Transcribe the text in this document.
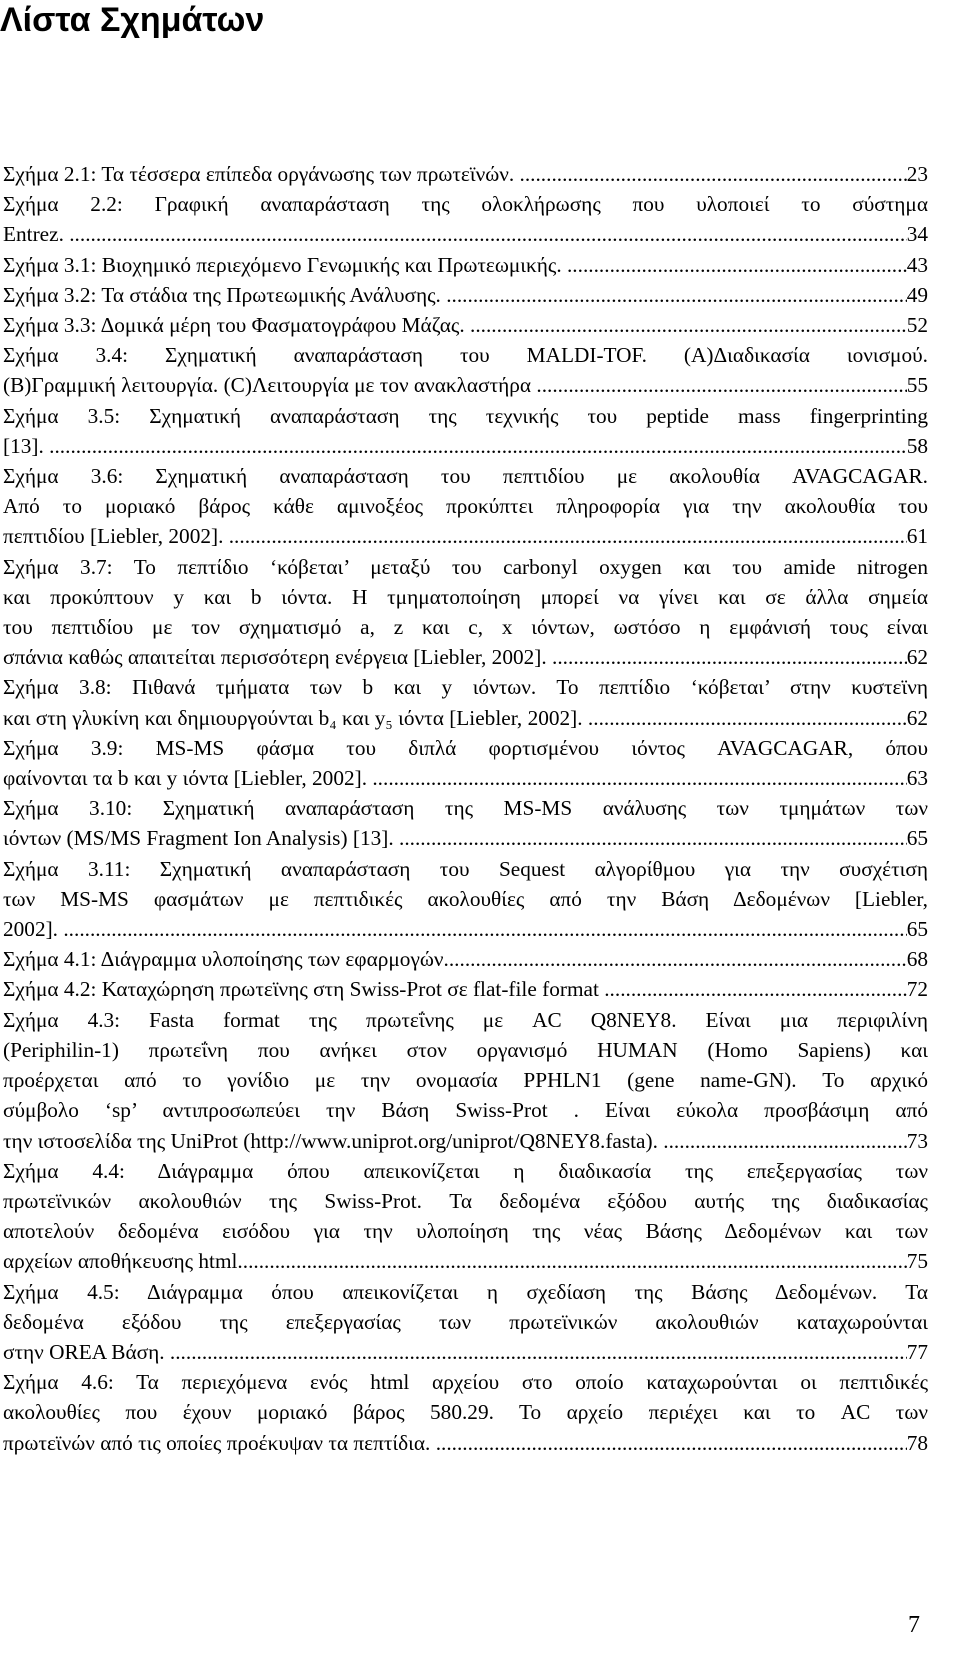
Λίστα Σχημάτων
Σχήμα 2.1: Τα τέσσερα επίπεδα οργάνωσης των πρωτεϊνών. .....	23
Σχήμα 2.2: Γραφική αναπαράσταση της ολοκλήρωσης που υλοποιεί το σύστημα
Entrez. .....	34
Σχήμα 3.1: Βιοχημικό περιεχόμενο Γενωμικής και Πρωτεωμικής. .....	43
Σχήμα 3.2: Τα στάδια της Πρωτεωμικής Ανάλυσης. .....	49
Σχήμα 3.3: Δομικά μέρη του Φασματογράφου Μάζας. .....	52
Σχήμα 3.4: Σχηματική αναπαράσταση του MALDI-TOF. (A)Διαδικασία ιονισμού.
(B)Γραμμική λειτουργία. (C)Λειτουργία με τον ανακλαστήρα .....	55
Σχήμα 3.5: Σχηματική αναπαράσταση της τεχνικής του peptide mass fingerprinting
[13]. .....	58
Σχήμα 3.6: Σχηματική αναπαράσταση του πεπτιδίου με ακολουθία AVAGCAGAR.
Από το μοριακό βάρος κάθε αμινοξέος προκύπτει πληροφορία για την ακολουθία του
πεπτιδίου [Liebler, 2002]. .....	61
Σχήμα 3.7: Το πεπτίδιο ‘κόβεται’ μεταξύ του carbonyl oxygen και του amide nitrogen
και προκύπτουν y και b ιόντα. Η τμηματοποίηση μπορεί να γίνει και σε άλλα σημεία
του πεπτιδίου με τον σχηματισμό a, z και c, x ιόντων, ωστόσο η εμφάνισή τους είναι
σπάνια καθώς απαιτείται περισσότερη ενέργεια [Liebler, 2002]. .....	62
Σχήμα 3.8: Πιθανά τμήματα των b και y ιόντων. Το πεπτίδιο ‘κόβεται’ στην κυστεϊνη
και στη γλυκίνη και δημιουργούνται b₄ και y₅ ιόντα [Liebler, 2002]. .....	62
Σχήμα 3.9: MS-MS φάσμα του διπλά φορτισμένου ιόντος AVAGCAGAR, όπου
φαίνονται τα b και y ιόντα [Liebler, 2002]. .....	63
Σχήμα 3.10: Σχηματική αναπαράσταση της MS-MS ανάλυσης των τμημάτων των
ιόντων (MS/MS Fragment Ion Analysis) [13]. .....	65
Σχήμα 3.11: Σχηματική αναπαράσταση του Sequest αλγορίθμου για την συσχέτιση
των MS-MS φασμάτων με πεπτιδικές ακολουθίες από την Βάση Δεδομένων [Liebler,
2002]. .....	65
Σχήμα 4.1: Διάγραμμα υλοποίησης των εφαρμογών .....	68
Σχήμα 4.2: Καταχώρηση πρωτεϊνης στη Swiss-Prot σε flat-file format .....	72
Σχήμα 4.3: Fasta format της πρωτεΐνης με AC Q8NEY8. Είναι μια περιφιλίνη
(Periphilin-1) πρωτεΐνη που ανήκει στον οργανισμό HUMAN (Homo Sapiens) και
προέρχεται από το γονίδιο με την ονομασία PPHLN1 (gene name-GN). Το αρχικό
σύμβολο ‘sp’ αντιπροσωπεύει την Βάση Swiss-Prot . Είναι εύκολα προσβάσιμη από
την ιστοσελίδα της UniProt (http://www.uniprot.org/uniprot/Q8NEY8.fasta). .....	73
Σχήμα 4.4: Διάγραμμα όπου απεικονίζεται η διαδικασία της επεξεργασίας των
πρωτεϊνικών ακολουθιών της Swiss-Prot. Τα δεδομένα εξόδου αυτής της διαδικασίας
αποτελούν δεδομένα εισόδου για την υλοποίηση της νέας Βάσης Δεδομένων και των
αρχείων αποθήκευσης html .....	75
Σχήμα 4.5: Διάγραμμα όπου απεικονίζεται η σχεδίαση της Βάσης Δεδομένων. Τα
δεδομένα εξόδου της επεξεργασίας των πρωτεϊνικών ακολουθιών καταχωρούνται
στην OREA Βάση. .....	77
Σχήμα 4.6: Τα περιεχόμενα ενός html αρχείου στο οποίο καταχωρούνται οι πεπτιδικές
ακολουθίες που έχουν μοριακό βάρος 580.29. Το αρχείο περιέχει και το AC των
πρωτεϊνών από τις οποίες προέκυψαν τα πεπτίδια. .....	78
7
